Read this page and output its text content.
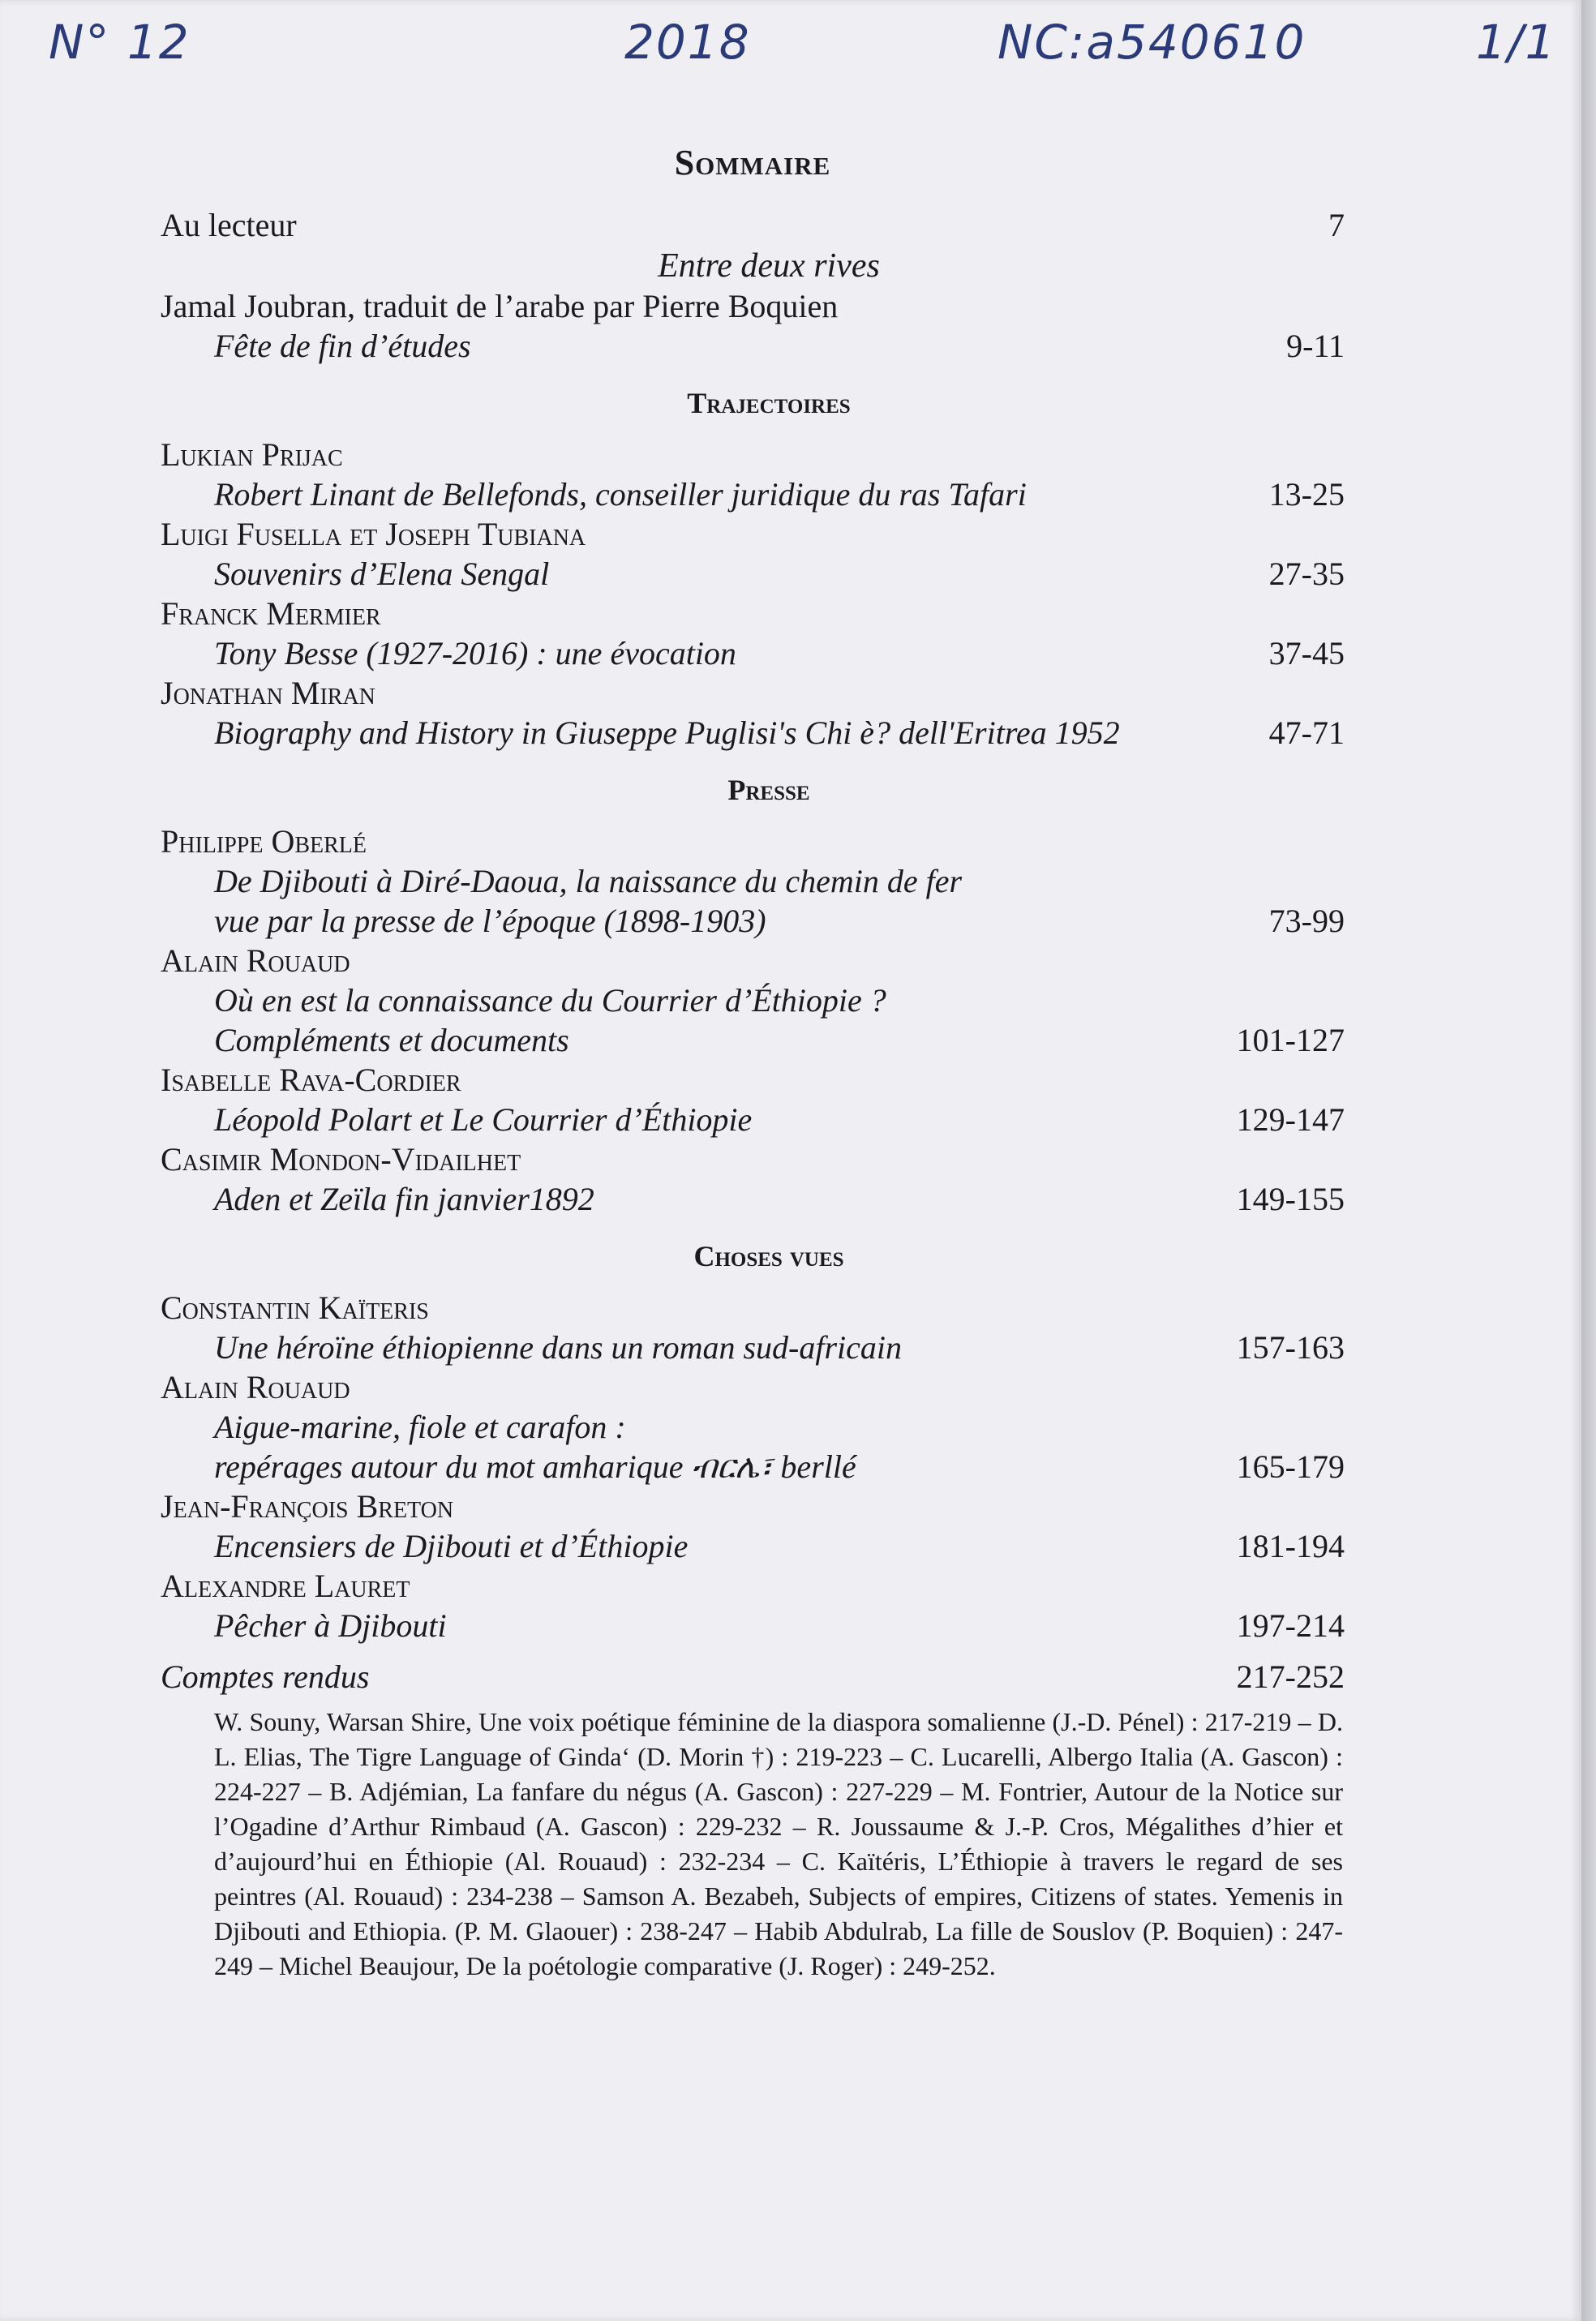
N° 12	2018	NC:a540610	1/1
Sommaire
Au lecteur	7
Entre deux rives
Jamal Joubran, traduit de l’arabe par Pierre Boquien
Fête de fin d’études	9-11
Trajectoires
Lukian Prijac
Robert Linant de Bellefonds, conseiller juridique du ras Tafari	13-25
Luigi Fusella et Joseph Tubiana
Souvenirs d’Elena Sengal	27-35
Franck Mermier
Tony Besse (1927-2016) : une évocation	37-45
Jonathan Miran
Biography and History in Giuseppe Puglisi's Chi è? dell'Eritrea 1952	47-71
Presse
Philippe Oberlé
De Djibouti à Diré-Daoua, la naissance du chemin de fer
vue par la presse de l’époque (1898-1903)	73-99
Alain Rouaud
Où en est la connaissance du Courrier d’Éthiopie ?
Compléments et documents	101-127
Isabelle Rava-Cordier
Léopold Polart et Le Courrier d’Éthiopie	129-147
Casimir Mondon-Vidailhet
Aden et Zeïla fin janvier1892	149-155
Choses vues
Constantin Kaïteris
Une héroïne éthiopienne dans un roman sud-africain	157-163
Alain Rouaud
Aigue-marine, fiole et carafon :
repérages autour du mot amharique ብርሌ፣ berllé	165-179
Jean-François Breton
Encensiers de Djibouti et d’Éthiopie	181-194
Alexandre Lauret
Pêcher à Djibouti	197-214
Comptes rendus	217-252
W. Souny, Warsan Shire, Une voix poétique féminine de la diaspora somalienne (J.-D. Pénel) : 217-219 – D. L. Elias, The Tigre Language of Ginda‘ (D. Morin †) : 219-223 – C. Lucarelli, Albergo Italia (A. Gascon) : 224-227 – B. Adjémian, La fanfare du négus (A. Gascon) : 227-229 – M. Fontrier, Autour de la Notice sur l’Ogadine d’Arthur Rimbaud (A. Gascon) : 229-232 – R. Joussaume & J.-P. Cros, Mégalithes d’hier et d’aujourd’hui en Éthiopie (Al. Rouaud) : 232-234 – C. Kaïtéris, L’Éthiopie à travers le regard de ses peintres (Al. Rouaud) : 234-238 – Samson A. Bezabeh, Subjects of empires, Citizens of states. Yemenis in Djibouti and Ethiopia. (P. M. Glaouer) : 238-247 – Habib Abdulrab, La fille de Souslov (P. Boquien) : 247-249 – Michel Beaujour, De la poétologie comparative (J. Roger) : 249-252.
